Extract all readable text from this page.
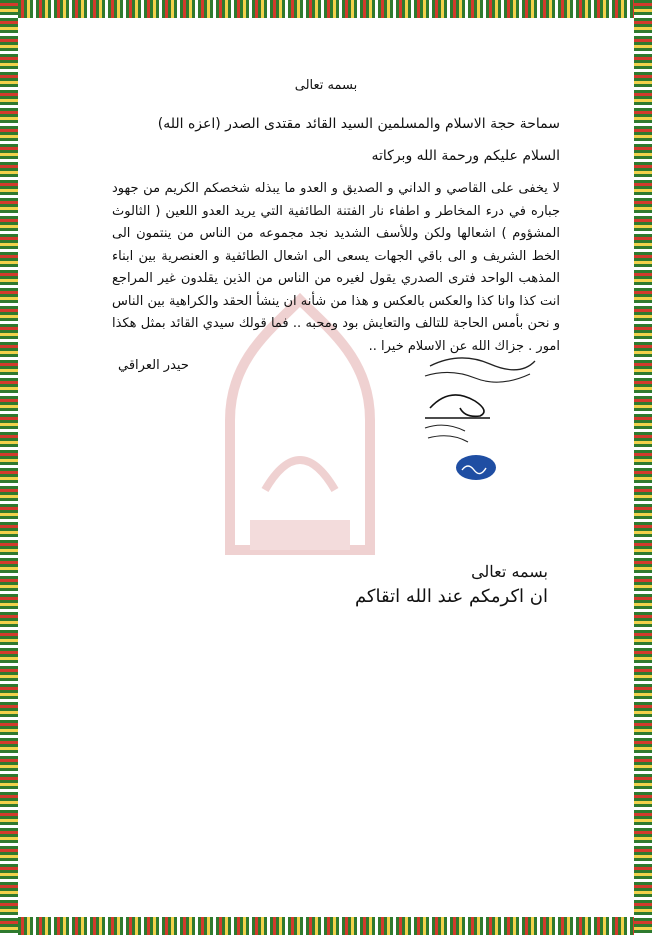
بسمه تعالى
سماحة حجة الاسلام والمسلمين السيد القائد مقتدى الصدر (اعزه الله)
السلام عليكم ورحمة الله وبركاته
لا يخفى على القاصي و الداني و الصديق و العدو ما يبذله شخصكم الكريم من جهود جباره في درء المخاطر و اطفاء نار الفتنة الطائفية التي يريد العدو اللعين ( الثالوث المشؤوم ) اشعالها ولكن وللأسف الشديد نجد مجموعه من الناس من ينتمون الى الخط الشريف و الى باقي الجهات يسعى الى اشعال الطائفية و العنصرية بين ابناء المذهب الواحد فترى الصدري يقول لغيره من الناس من الذين يقلدون غير المراجع انت كذا وانا كذا والعكس بالعكس و هذا من شأنه ان ينشأ الحقد والكراهية بين الناس و نحن بأمس الحاجة للتالف والتعايش بود ومحبه .. فما قولك سيدي القائد بمثل هكذا امور . جزاك الله عن الاسلام خيرا ..
حيدر العراقي
بسمه تعالى
ان اكرمكم عند الله اتقاكم
